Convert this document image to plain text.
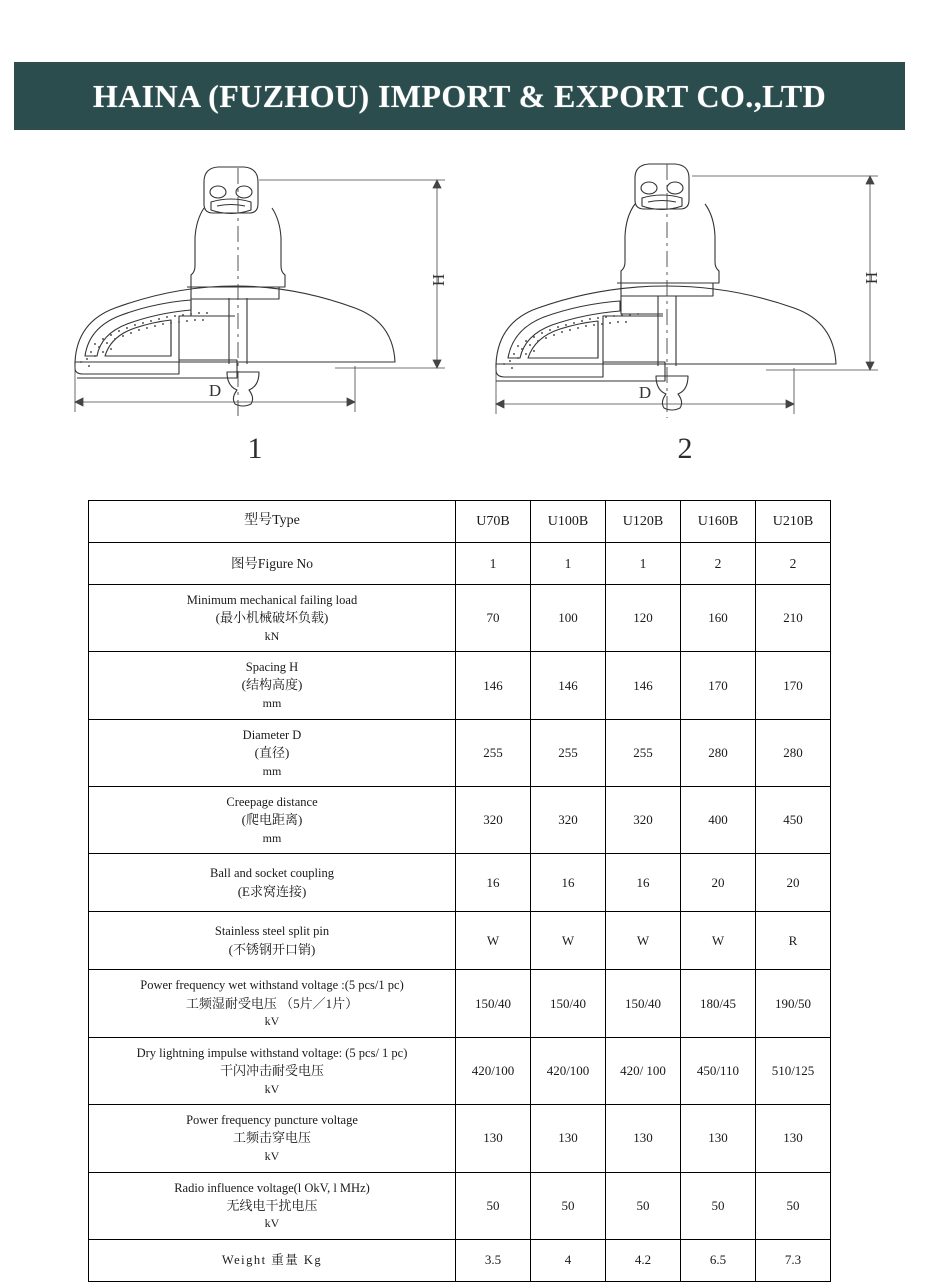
HAINA (FUZHOU) IMPORT & EXPORT CO.,LTD
H
D
1
H
D
2
型号Type	U70B	U100B	U120B	U160B	U210B

图号Figure No	1	1	1	2	2

Minimum mechanical failing load
(最小机械破坏负载)
kN	70	100	120	160	210

Spacing H
(结构高度)
mm	146	146	146	170	170

Diameter D
(直径)
mm	255	255	255	280	280

Creepage distance
(爬电距离)
mm	320	320	320	400	450

Ball and socket coupling
(E求窝连接)	16	16	16	20	20

Stainless steel split pin
(不锈钢开口销)	W	W	W	W	R

Power frequency wet withstand voltage :(5 pcs/1 pc)
工频湿耐受电压 （5片／1片）
kV	150/40	150/40	150/40	180/45	190/50

Dry lightning impulse withstand voltage: (5 pcs/ 1 pc)
干闪冲击耐受电压
kV	420/100	420/100	420/ 100	450/110	510/125

Power frequency puncture voltage
工频击穿电压
kV	130	130	130	130	130

Radio influence voltage(l OkV, l MHz)
无线电干扰电压
kV	50	50	50	50	50

Weight 重量 Kg	3.5	4	4.2	6.5	7.3
